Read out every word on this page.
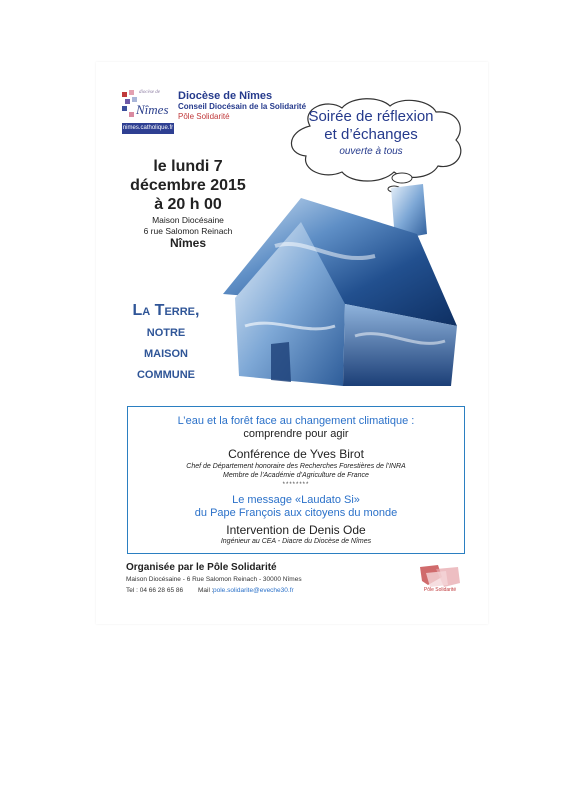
diocèse de
Nîmes
nimes.catholique.fr
Diocèse de Nîmes
Conseil Diocésain de la Solidarité
Pôle Solidarité	Soirée de réflexion
et d’échanges
ouverte à tous
le lundi 7
décembre 2015
à 20 h 00
Maison Diocésaine
6 rue Salomon Reinach
Nîmes
La Terre,
notre
maison
commune
L’eau et la forêt face au changement climatique :
comprendre pour agir
Conférence de Yves Birot
Chef de Département honoraire des Recherches Forestières de l’INRA
Membre de l’Académie d’Agriculture de France
********
Le message «Laudato Si»
du Pape François aux citoyens du monde
Intervention de Denis Ode
Ingénieur au CEA - Diacre du Diocèse de Nîmes
Organisée par le Pôle Solidarité
Maison Diocésaine - 6 Rue Salomon Reinach - 30000 Nîmes
Tel : 04 66 28 65 86 Mail : pole.solidarite@eveche30.fr	Pôle Solidarité
